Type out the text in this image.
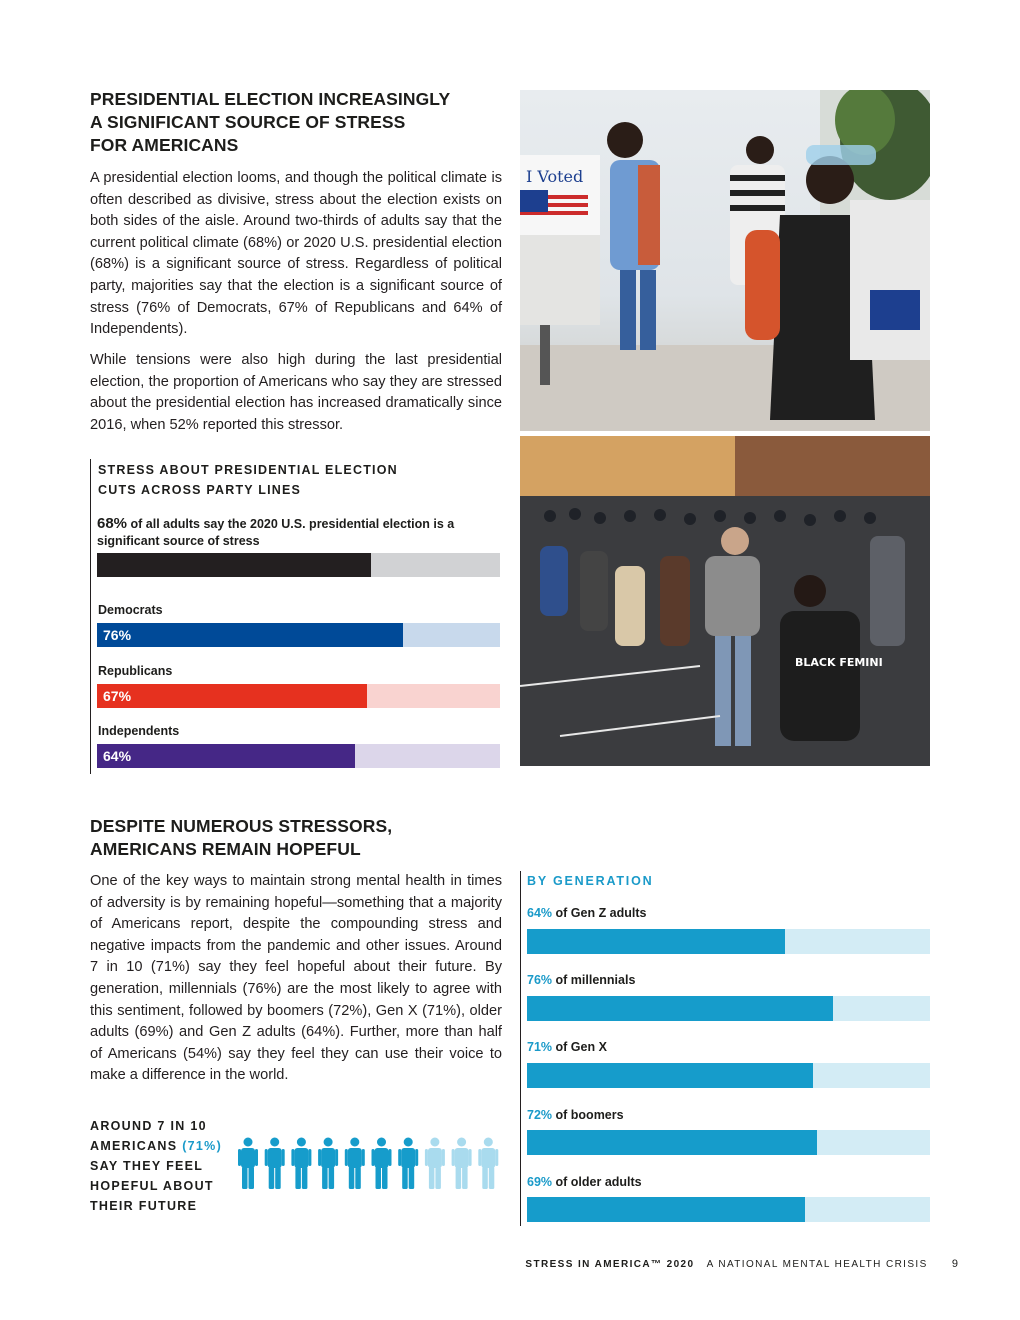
PRESIDENTIAL ELECTION INCREASINGLY
A SIGNIFICANT SOURCE OF STRESS
FOR AMERICANS

A presidential election looms, and though the political climate is often described as divisive, stress about the election exists on both sides of the aisle. Around two-thirds of adults say that the current political climate (68%) or 2020 U.S. presidential election (68%) is a significant source of stress. Regardless of political party, majorities say that the election is a significant source of stress (76% of Democrats, 67% of Republicans and 64% of Independents).

While tensions were also high during the last presidential election, the proportion of Americans who say they are stressed about the presidential election has increased dramatically since 2016, when 52% reported this stressor.

STRESS ABOUT PRESIDENTIAL ELECTION
CUTS ACROSS PARTY LINES
68% of all adults say the 2020 U.S. presidential election is a significant source of stress
Democrats
76%
Republicans
67%
Independents
64%
I Voted
BLACK FEMINI
DESPITE NUMEROUS STRESSORS,
AMERICANS REMAIN HOPEFUL

One of the key ways to maintain strong mental health in times of adversity is by remaining hopeful—something that a majority of Americans report, despite the compounding stress and negative impacts from the pandemic and other issues. Around 7 in 10 (71%) say they feel hopeful about their future. By generation, millennials (76%) are the most likely to agree with this sentiment, followed by boomers (72%), Gen X (71%), older adults (69%) and Gen Z adults (64%). Further, more than half of Americans (54%) say they feel they can use their voice to make a difference in the world.

AROUND 7 IN 10
AMERICANS (71%)
SAY THEY FEEL
HOPEFUL ABOUT
THEIR FUTURE
BY GENERATION
64% of Gen Z adults
76% of millennials
71% of Gen X
72% of boomers
69% of older adults
STRESS IN AMERICA™ 2020 A NATIONAL MENTAL HEALTH CRISIS 9
